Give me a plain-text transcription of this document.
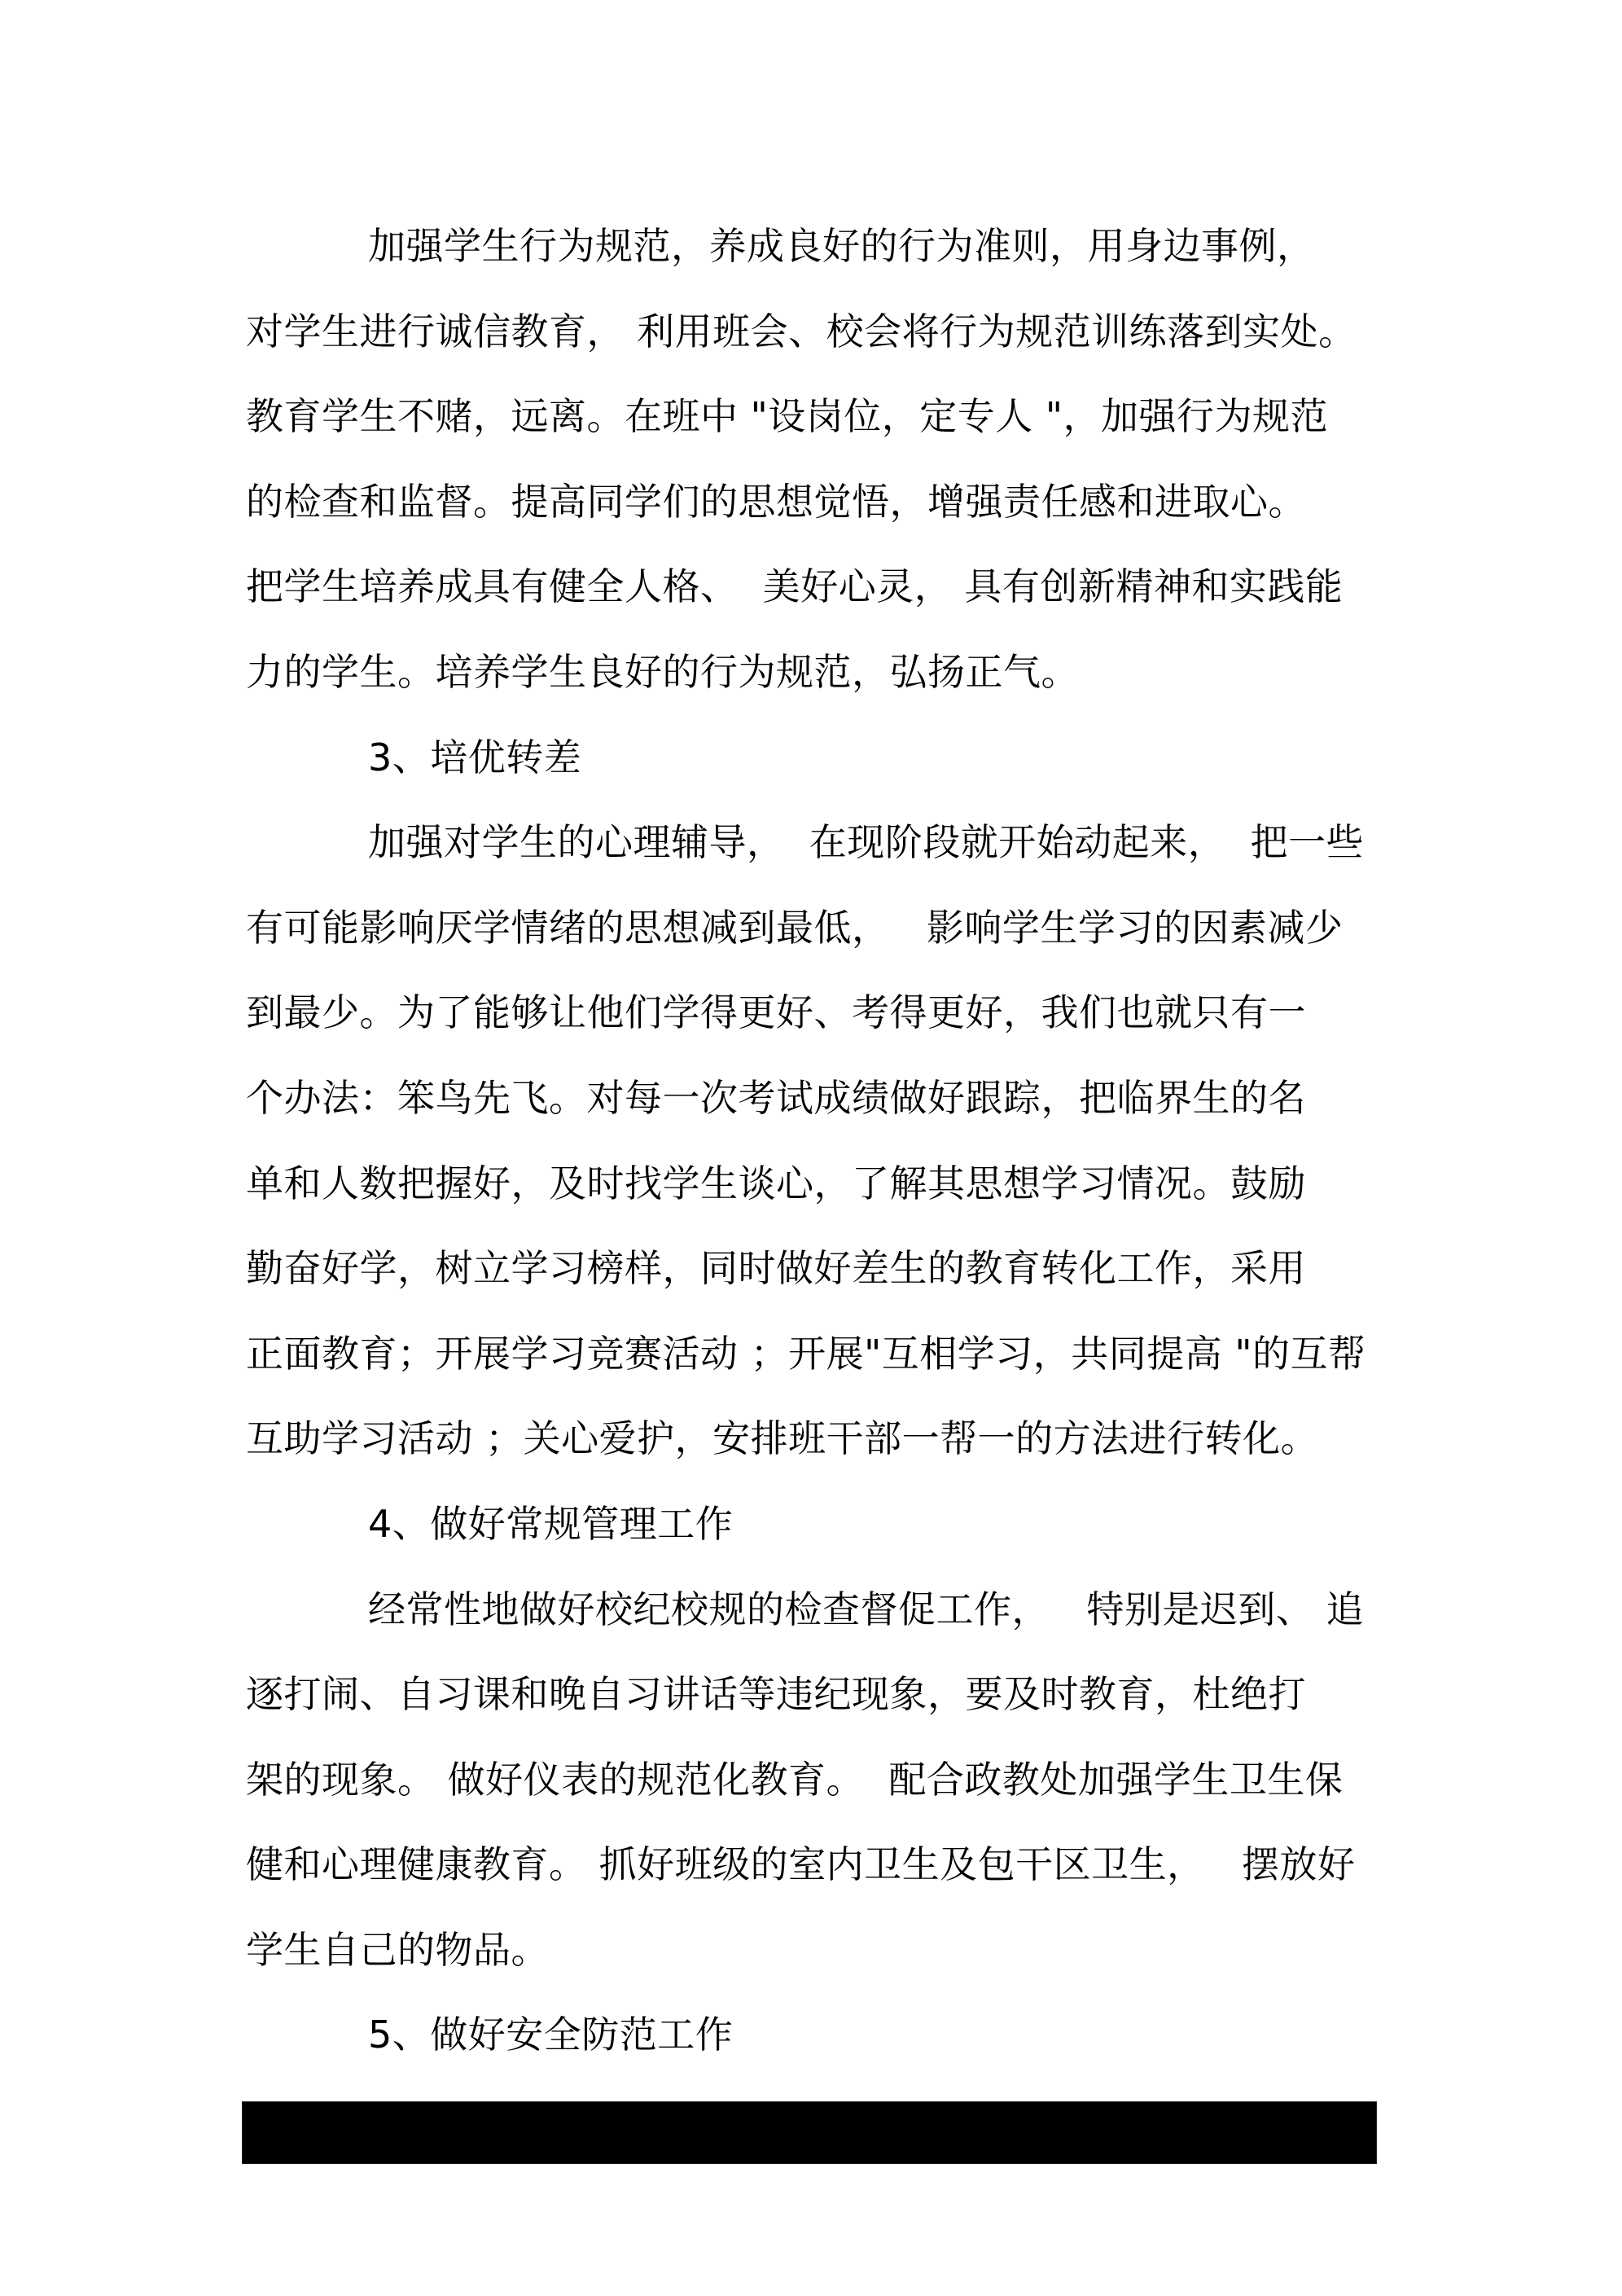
加强学生行为规范，养成良好的行为准则，用身边事例，
对学生进行诚信教育， 利用班会、校会将行为规范训练落到实处。
教育学生不赌，远离。在班中 "设岗位，定专人 "，加强行为规范
的检查和监督。提高同学们的思想觉悟，增强责任感和进取心。
把学生培养成具有健全人格、  美好心灵， 具有创新精神和实践能
力的学生。培养学生良好的行为规范，弘扬正气。
3、培优转差
加强对学生的心理辅导，  在现阶段就开始动起来，  把一些
有可能影响厌学情绪的思想减到最低，   影响学生学习的因素减少
到最少。为了能够让他们学得更好、考得更好，我们也就只有一
个办法：笨鸟先飞。对每一次考试成绩做好跟踪，把临界生的名
单和人数把握好，及时找学生谈心，了解其思想学习情况。鼓励
勤奋好学，树立学习榜样，同时做好差生的教育转化工作，采用
正面教育；开展学习竞赛活动 ；开展"互相学习，共同提高 "的互帮
互助学习活动 ；关心爱护，安排班干部一帮一的方法进行转化。
4、做好常规管理工作
经常性地做好校纪校规的检查督促工作，   特别是迟到、 追
逐打闹、自习课和晚自习讲话等违纪现象，要及时教育，杜绝打
架的现象。 做好仪表的规范化教育。  配合政教处加强学生卫生保
健和心理健康教育。 抓好班级的室内卫生及包干区卫生，   摆放好
学生自己的物品。
5、做好安全防范工作
